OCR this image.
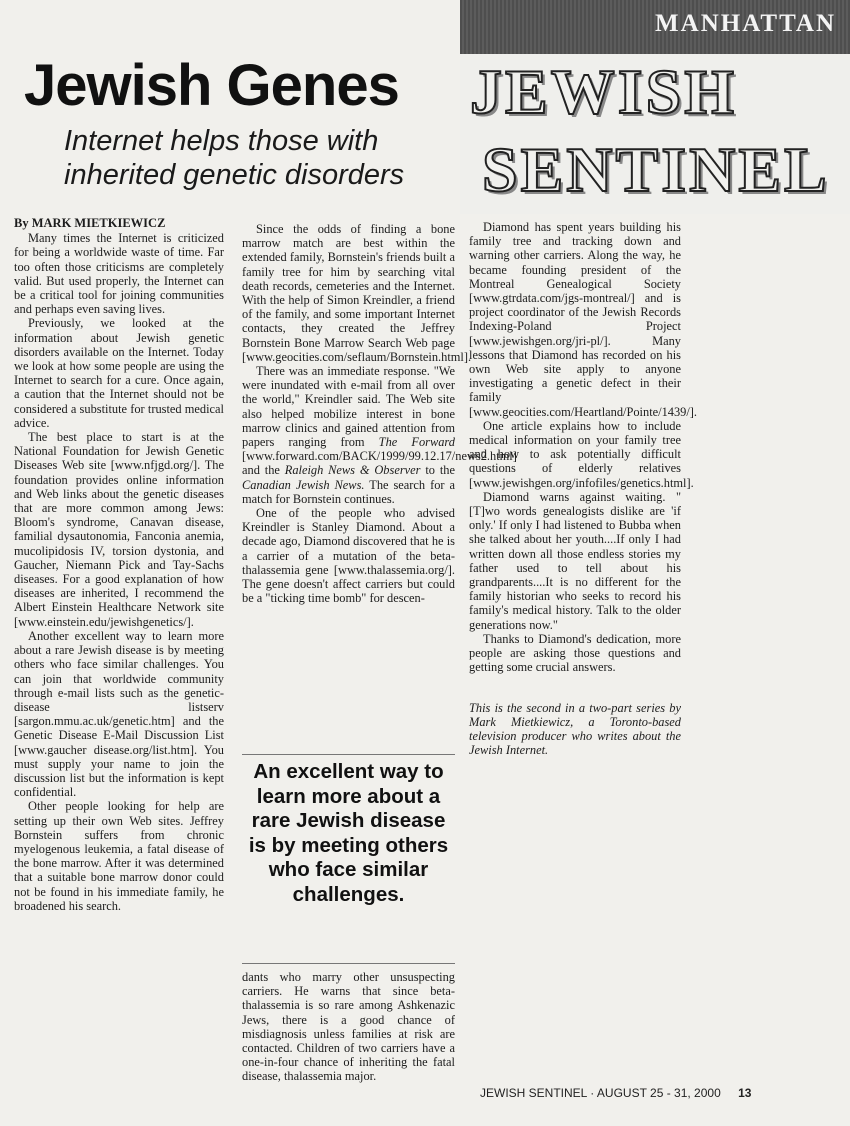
MANHATTAN
JEWISH
SENTINEL
Jewish Genes
Internet helps those with
inherited genetic disorders

By MARK MIETKIEWICZ

Many times the Internet is criticized for being a worldwide waste of time. Far too often those criticisms are completely valid. But used properly, the Internet can be a critical tool for joining communities and perhaps even saving lives.

Previously, we looked at the information about Jewish genetic disorders available on the Internet. Today we look at how some people are using the Internet to search for a cure. Once again, a caution that the Internet should not be considered a substitute for trusted medical advice.

The best place to start is at the National Foundation for Jewish Genetic Diseases Web site [www.nfjgd.org/]. The foundation provides online information and Web links about the genetic diseases that are more common among Jews: Bloom's syndrome, Canavan disease, familial dysautonomia, Fanconia anemia, mucolipidosis IV, torsion dystonia, and Gaucher, Niemann Pick and Tay-Sachs diseases. For a good explanation of how diseases are inherited, I recommend the Albert Einstein Healthcare Network site [www.einstein.edu/jewishgenetics/].

Another excellent way to learn more about a rare Jewish disease is by meeting others who face similar challenges. You can join that worldwide community through e-mail lists such as the genetic-disease listserv [sargon.mmu.ac.uk/genetic.htm] and the Genetic Disease E-Mail Discussion List [www.gaucher disease.org/list.htm]. You must supply your name to join the discussion list but the information is kept confidential.

Other people looking for help are setting up their own Web sites. Jeffrey Bornstein suffers from chronic myelogenous leukemia, a fatal disease of the bone marrow. After it was determined that a suitable bone marrow donor could not be found in his immediate family, he broadened his search.

Since the odds of finding a bone marrow match are best within the extended family, Bornstein's friends built a family tree for him by searching vital death records, cemeteries and the Internet. With the help of Simon Kreindler, a friend of the family, and some important Internet contacts, they created the Jeffrey Bornstein Bone Marrow Search Web page [www.geocities.com/seflaum/Bornstein.html].

There was an immediate response. "We were inundated with e-mail from all over the world," Kreindler said. The Web site also helped mobilize interest in bone marrow clinics and gained attention from papers ranging from The Forward [www.forward.com/BACK/1999/99.12.17/news2.html] and the Raleigh News & Observer to the Canadian Jewish News. The search for a match for Bornstein continues.

One of the people who advised Kreindler is Stanley Diamond. About a decade ago, Diamond discovered that he is a carrier of a mutation of the beta-thalassemia gene [www.thalassemia.org/]. The gene doesn't affect carriers but could be a "ticking time bomb" for descen-

An excellent way to learn more about a rare Jewish disease is by meeting others who face similar challenges.

dants who marry other unsuspecting carriers. He warns that since beta-thalassemia is so rare among Ashkenazic Jews, there is a good chance of misdiagnosis unless families at risk are contacted. Children of two carriers have a one-in-four chance of inheriting the fatal disease, thalassemia major.

Diamond has spent years building his family tree and tracking down and warning other carriers. Along the way, he became founding president of the Montreal Genealogical Society [www.gtrdata.com/jgs-montreal/] and is project coordinator of the Jewish Records Indexing-Poland Project [www.jewishgen.org/jri-pl/]. Many lessons that Diamond has recorded on his own Web site apply to anyone investigating a genetic defect in their family [www.geocities.com/Heartland/Pointe/1439/].

One article explains how to include medical information on your family tree and how to ask potentially difficult questions of elderly relatives [www.jewishgen.org/infofiles/genetics.html].

Diamond warns against waiting. "[T]wo words genealogists dislike are 'if only.' If only I had listened to Bubba when she talked about her youth....If only I had written down all those endless stories my father used to tell about his grandparents....It is no different for the family historian who seeks to record his family's medical history. Talk to the older generations now."

Thanks to Diamond's dedication, more people are asking those questions and getting some crucial answers.

This is the second in a two-part series by Mark Mietkiewicz, a Toronto-based television producer who writes about the Jewish Internet.

JEWISH SENTINEL · AUGUST 25 - 31, 2000 13
